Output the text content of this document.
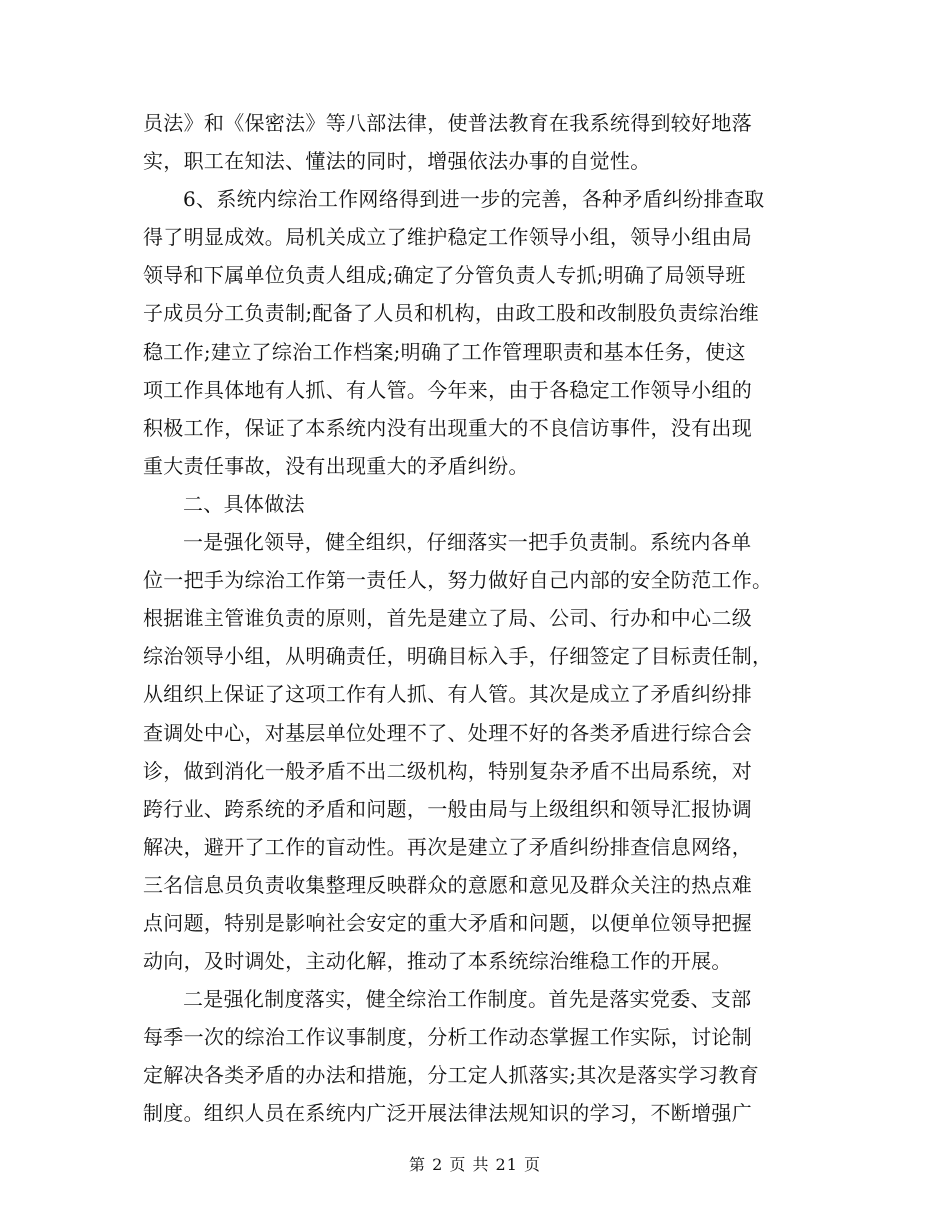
员法》和《保密法》等八部法律，使普法教育在我系统得到较好地落
实，职工在知法、懂法的同时，增强依法办事的自觉性。
6、系统内综治工作网络得到进一步的完善，各种矛盾纠纷排查取
得了明显成效。局机关成立了维护稳定工作领导小组，领导小组由局
领导和下属单位负责人组成;确定了分管负责人专抓;明确了局领导班
子成员分工负责制;配备了人员和机构，由政工股和改制股负责综治维
稳工作;建立了综治工作档案;明确了工作管理职责和基本任务，使这
项工作具体地有人抓、有人管。今年来，由于各稳定工作领导小组的
积极工作，保证了本系统内没有出现重大的不良信访事件，没有出现
重大责任事故，没有出现重大的矛盾纠纷。
二、具体做法
一是强化领导，健全组织，仔细落实一把手负责制。系统内各单
位一把手为综治工作第一责任人，努力做好自己内部的安全防范工作。
根据谁主管谁负责的原则，首先是建立了局、公司、行办和中心二级
综治领导小组，从明确责任，明确目标入手，仔细签定了目标责任制，
从组织上保证了这项工作有人抓、有人管。其次是成立了矛盾纠纷排
查调处中心，对基层单位处理不了、处理不好的各类矛盾进行综合会
诊，做到消化一般矛盾不出二级机构，特别复杂矛盾不出局系统，对
跨行业、跨系统的矛盾和问题，一般由局与上级组织和领导汇报协调
解决，避开了工作的盲动性。再次是建立了矛盾纠纷排查信息网络，
三名信息员负责收集整理反映群众的意愿和意见及群众关注的热点难
点问题，特别是影响社会安定的重大矛盾和问题，以便单位领导把握
动向，及时调处，主动化解，推动了本系统综治维稳工作的开展。
二是强化制度落实，健全综治工作制度。首先是落实党委、支部
每季一次的综治工作议事制度，分析工作动态掌握工作实际，讨论制
定解决各类矛盾的办法和措施，分工定人抓落实;其次是落实学习教育
制度。组织人员在系统内广泛开展法律法规知识的学习，不断增强广
第 2 页 共 21 页
